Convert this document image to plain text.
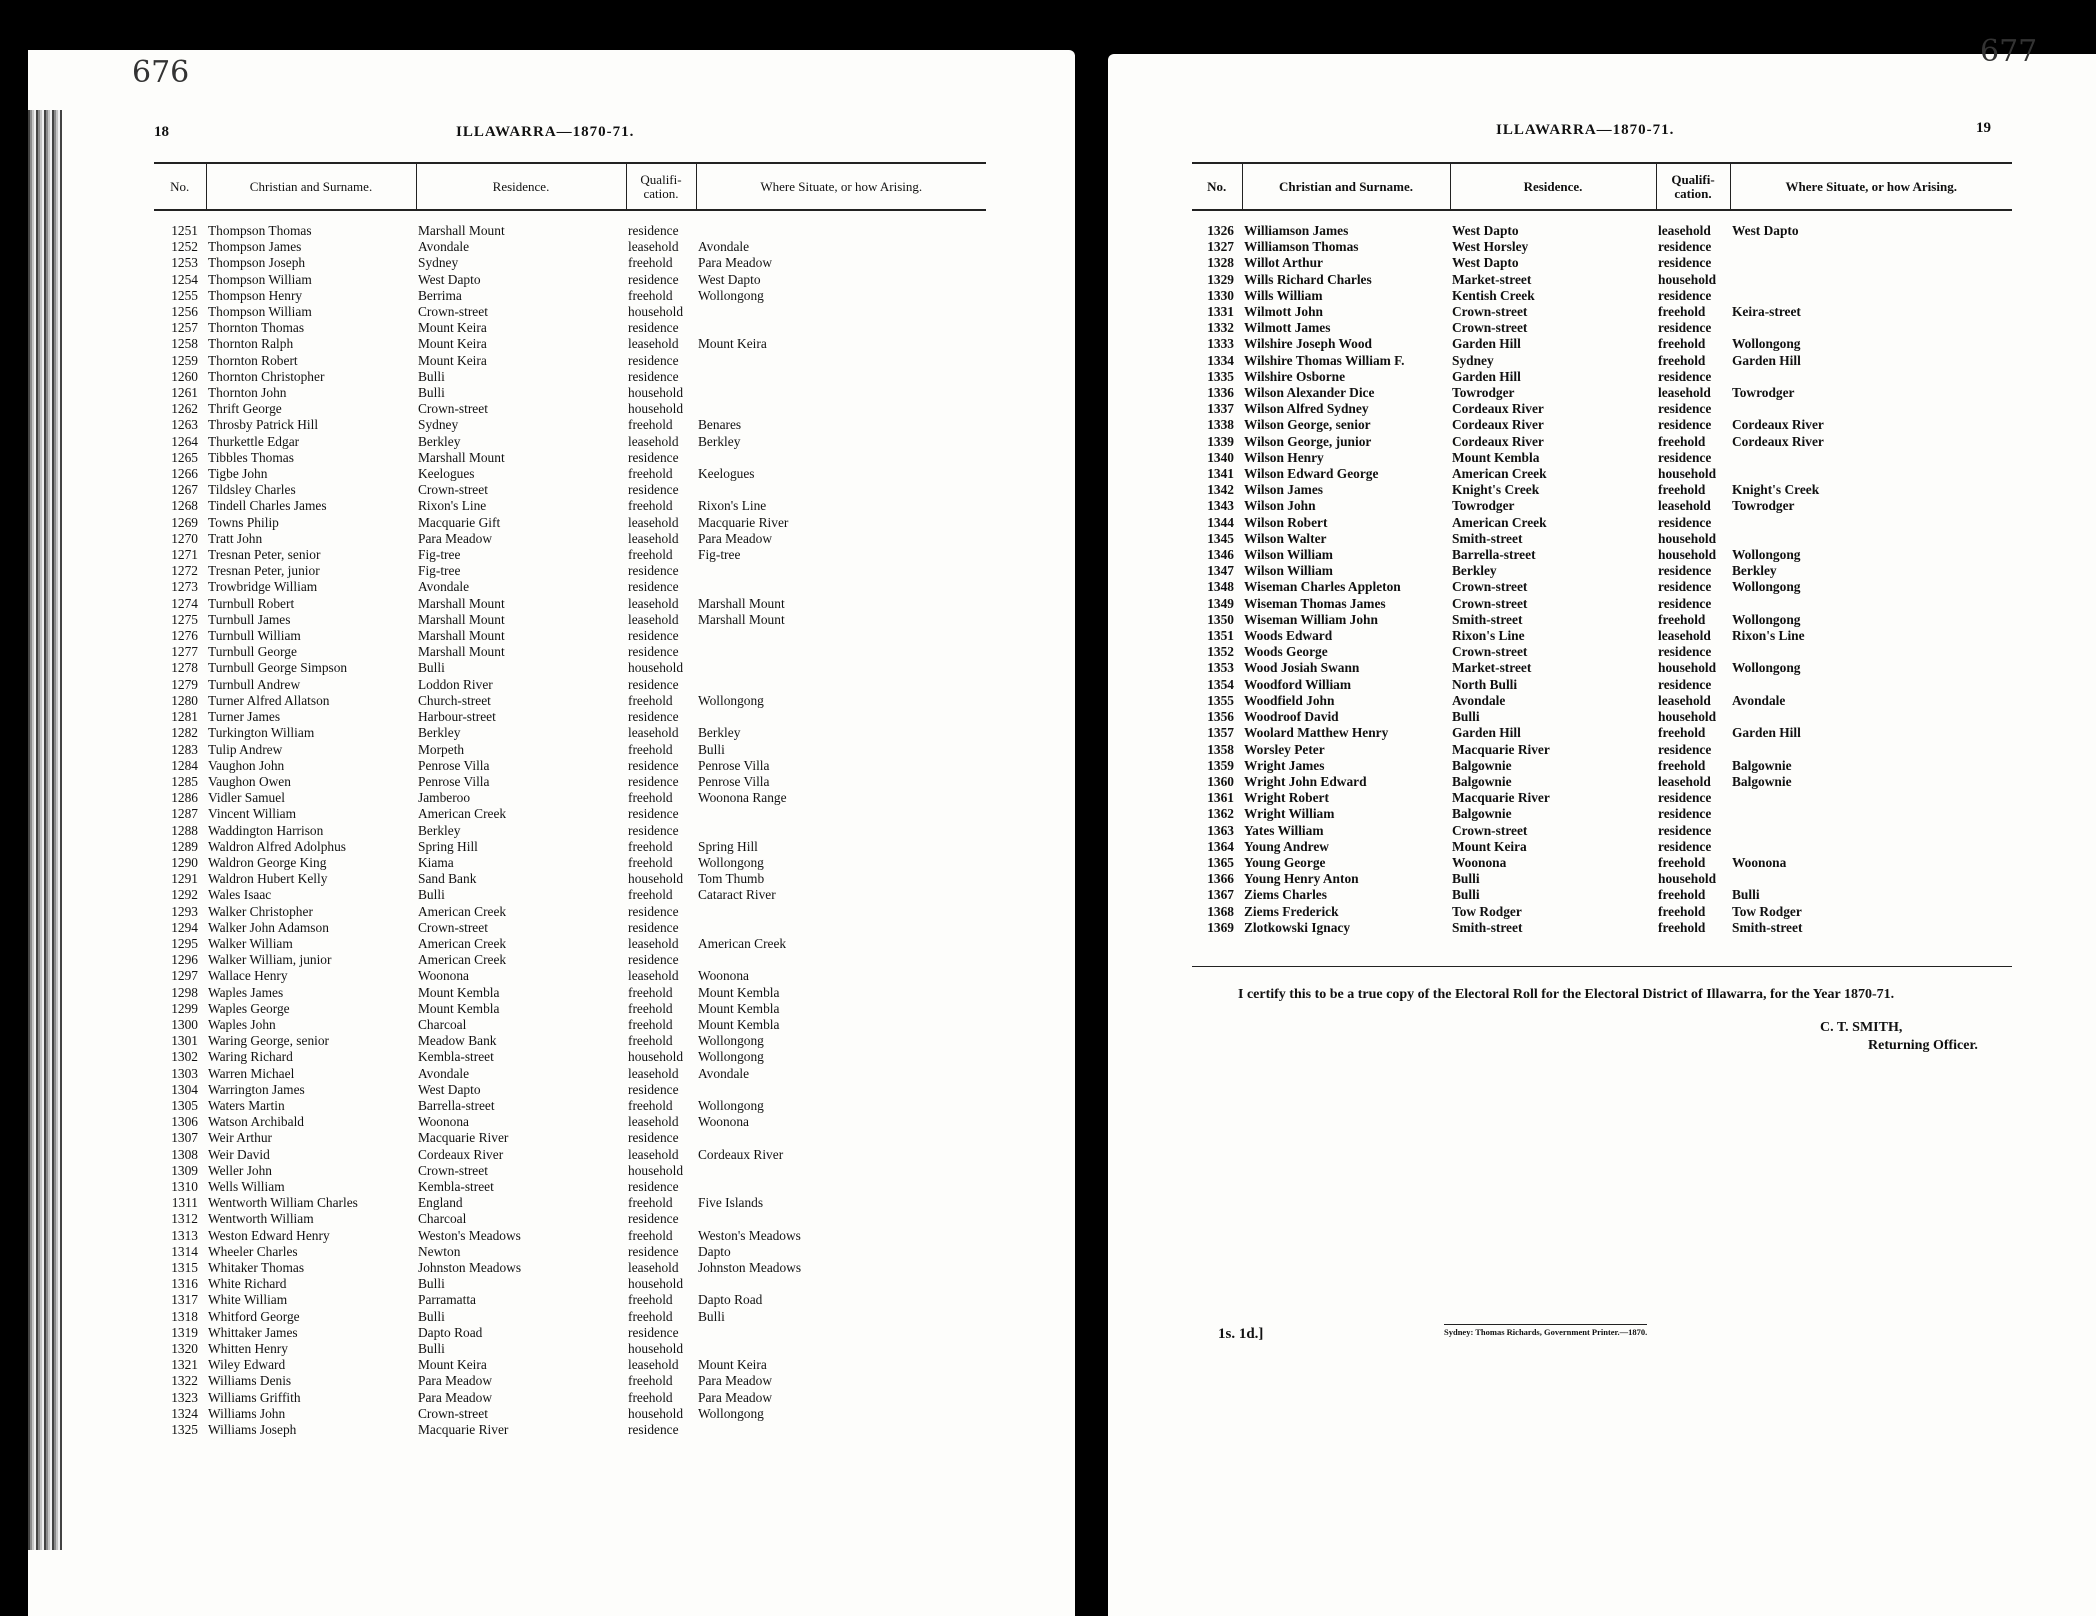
676
18	ILLAWARRA—1870-71.
No.	Christian and Surname.	Residence.	Qualifi-cation.	Where Situate, or how Arising.
1251	Thompson Thomas	Marshall Mount	residence	
1252	Thompson James	Avondale	leasehold	Avondale
1253	Thompson Joseph	Sydney	freehold	Para Meadow
1254	Thompson William	West Dapto	residence	West Dapto
1255	Thompson Henry	Berrima	freehold	Wollongong
1256	Thompson William	Crown-street	household	
1257	Thornton Thomas	Mount Keira	residence	
1258	Thornton Ralph	Mount Keira	leasehold	Mount Keira
1259	Thornton Robert	Mount Keira	residence	
1260	Thornton Christopher	Bulli	residence	
1261	Thornton John	Bulli	household	
1262	Thrift George	Crown-street	household	
1263	Throsby Patrick Hill	Sydney	freehold	Benares
1264	Thurkettle Edgar	Berkley	leasehold	Berkley
1265	Tibbles Thomas	Marshall Mount	residence	
1266	Tigbe John	Keelogues	freehold	Keelogues
1267	Tildsley Charles	Crown-street	residence	
1268	Tindell Charles James	Rixon's Line	freehold	Rixon's Line
1269	Towns Philip	Macquarie Gift	leasehold	Macquarie River
1270	Tratt John	Para Meadow	leasehold	Para Meadow
1271	Tresnan Peter, senior	Fig-tree	freehold	Fig-tree
1272	Tresnan Peter, junior	Fig-tree	residence	
1273	Trowbridge William	Avondale	residence	
1274	Turnbull Robert	Marshall Mount	leasehold	Marshall Mount
1275	Turnbull James	Marshall Mount	leasehold	Marshall Mount
1276	Turnbull William	Marshall Mount	residence	
1277	Turnbull George	Marshall Mount	residence	
1278	Turnbull George Simpson	Bulli	household	
1279	Turnbull Andrew	Loddon River	residence	
1280	Turner Alfred Allatson	Church-street	freehold	Wollongong
1281	Turner James	Harbour-street	residence	
1282	Turkington William	Berkley	leasehold	Berkley
1283	Tulip Andrew	Morpeth	freehold	Bulli
1284	Vaughon John	Penrose Villa	residence	Penrose Villa
1285	Vaughon Owen	Penrose Villa	residence	Penrose Villa
1286	Vidler Samuel	Jamberoo	freehold	Woonona Range
1287	Vincent William	American Creek	residence	
1288	Waddington Harrison	Berkley	residence	
1289	Waldron Alfred Adolphus	Spring Hill	freehold	Spring Hill
1290	Waldron George King	Kiama	freehold	Wollongong
1291	Waldron Hubert Kelly	Sand Bank	household	Tom Thumb
1292	Wales Isaac	Bulli	freehold	Cataract River
1293	Walker Christopher	American Creek	residence	
1294	Walker John Adamson	Crown-street	residence	
1295	Walker William	American Creek	leasehold	American Creek
1296	Walker William, junior	American Creek	residence	
1297	Wallace Henry	Woonona	leasehold	Woonona
1298	Waples James	Mount Kembla	freehold	Mount Kembla
1299	Waples George	Mount Kembla	freehold	Mount Kembla
1300	Waples John	Charcoal	freehold	Mount Kembla
1301	Waring George, senior	Meadow Bank	freehold	Wollongong
1302	Waring Richard	Kembla-street	household	Wollongong
1303	Warren Michael	Avondale	leasehold	Avondale
1304	Warrington James	West Dapto	residence	
1305	Waters Martin	Barrella-street	freehold	Wollongong
1306	Watson Archibald	Woonona	leasehold	Woonona
1307	Weir Arthur	Macquarie River	residence	
1308	Weir David	Cordeaux River	leasehold	Cordeaux River
1309	Weller John	Crown-street	household	
1310	Wells William	Kembla-street	residence	
1311	Wentworth William Charles	England	freehold	Five Islands
1312	Wentworth William	Charcoal	residence	
1313	Weston Edward Henry	Weston's Meadows	freehold	Weston's Meadows
1314	Wheeler Charles	Newton	residence	Dapto
1315	Whitaker Thomas	Johnston Meadows	leasehold	Johnston Meadows
1316	White Richard	Bulli	household	
1317	White William	Parramatta	freehold	Dapto Road
1318	Whitford George	Bulli	freehold	Bulli
1319	Whittaker James	Dapto Road	residence	
1320	Whitten Henry	Bulli	household	
1321	Wiley Edward	Mount Keira	leasehold	Mount Keira
1322	Williams Denis	Para Meadow	freehold	Para Meadow
1323	Williams Griffith	Para Meadow	freehold	Para Meadow
1324	Williams John	Crown-street	household	Wollongong
1325	Williams Joseph	Macquarie River	residence	
677
19
ILLAWARRA—1870-71.
No.	Christian and Surname.	Residence.	Qualifi-cation.	Where Situate, or how Arising.
1326	Williamson James	West Dapto	leasehold	West Dapto
1327	Williamson Thomas	West Horsley	residence	
1328	Willot Arthur	West Dapto	residence	
1329	Wills Richard Charles	Market-street	household	
1330	Wills William	Kentish Creek	residence	
1331	Wilmott John	Crown-street	freehold	Keira-street
1332	Wilmott James	Crown-street	residence	
1333	Wilshire Joseph Wood	Garden Hill	freehold	Wollongong
1334	Wilshire Thomas William F.	Sydney	freehold	Garden Hill
1335	Wilshire Osborne	Garden Hill	residence	
1336	Wilson Alexander Dice	Towrodger	leasehold	Towrodger
1337	Wilson Alfred Sydney	Cordeaux River	residence	
1338	Wilson George, senior	Cordeaux River	residence	Cordeaux River
1339	Wilson George, junior	Cordeaux River	freehold	Cordeaux River
1340	Wilson Henry	Mount Kembla	residence	
1341	Wilson Edward George	American Creek	household	
1342	Wilson James	Knight's Creek	freehold	Knight's Creek
1343	Wilson John	Towrodger	leasehold	Towrodger
1344	Wilson Robert	American Creek	residence	
1345	Wilson Walter	Smith-street	household	
1346	Wilson William	Barrella-street	household	Wollongong
1347	Wilson William	Berkley	residence	Berkley
1348	Wiseman Charles Appleton	Crown-street	residence	Wollongong
1349	Wiseman Thomas James	Crown-street	residence	
1350	Wiseman William John	Smith-street	freehold	Wollongong
1351	Woods Edward	Rixon's Line	leasehold	Rixon's Line
1352	Woods George	Crown-street	residence	
1353	Wood Josiah Swann	Market-street	household	Wollongong
1354	Woodford William	North Bulli	residence	
1355	Woodfield John	Avondale	leasehold	Avondale
1356	Woodroof David	Bulli	household	
1357	Woolard Matthew Henry	Garden Hill	freehold	Garden Hill
1358	Worsley Peter	Macquarie River	residence	
1359	Wright James	Balgownie	freehold	Balgownie
1360	Wright John Edward	Balgownie	leasehold	Balgownie
1361	Wright Robert	Macquarie River	residence	
1362	Wright William	Balgownie	residence	
1363	Yates William	Crown-street	residence	
1364	Young Andrew	Mount Keira	residence	
1365	Young George	Woonona	freehold	Woonona
1366	Young Henry Anton	Bulli	household	
1367	Ziems Charles	Bulli	freehold	Bulli
1368	Ziems Frederick	Tow Rodger	freehold	Tow Rodger
1369	Zlotkowski Ignacy	Smith-street	freehold	Smith-street
I certify this to be a true copy of the Electoral Roll for the Electoral District of Illawarra, for the Year 1870-71.
C. T. SMITH,
Returning Officer.
1s. 1d.]	Sydney: Thomas Richards, Government Printer.—1870.
